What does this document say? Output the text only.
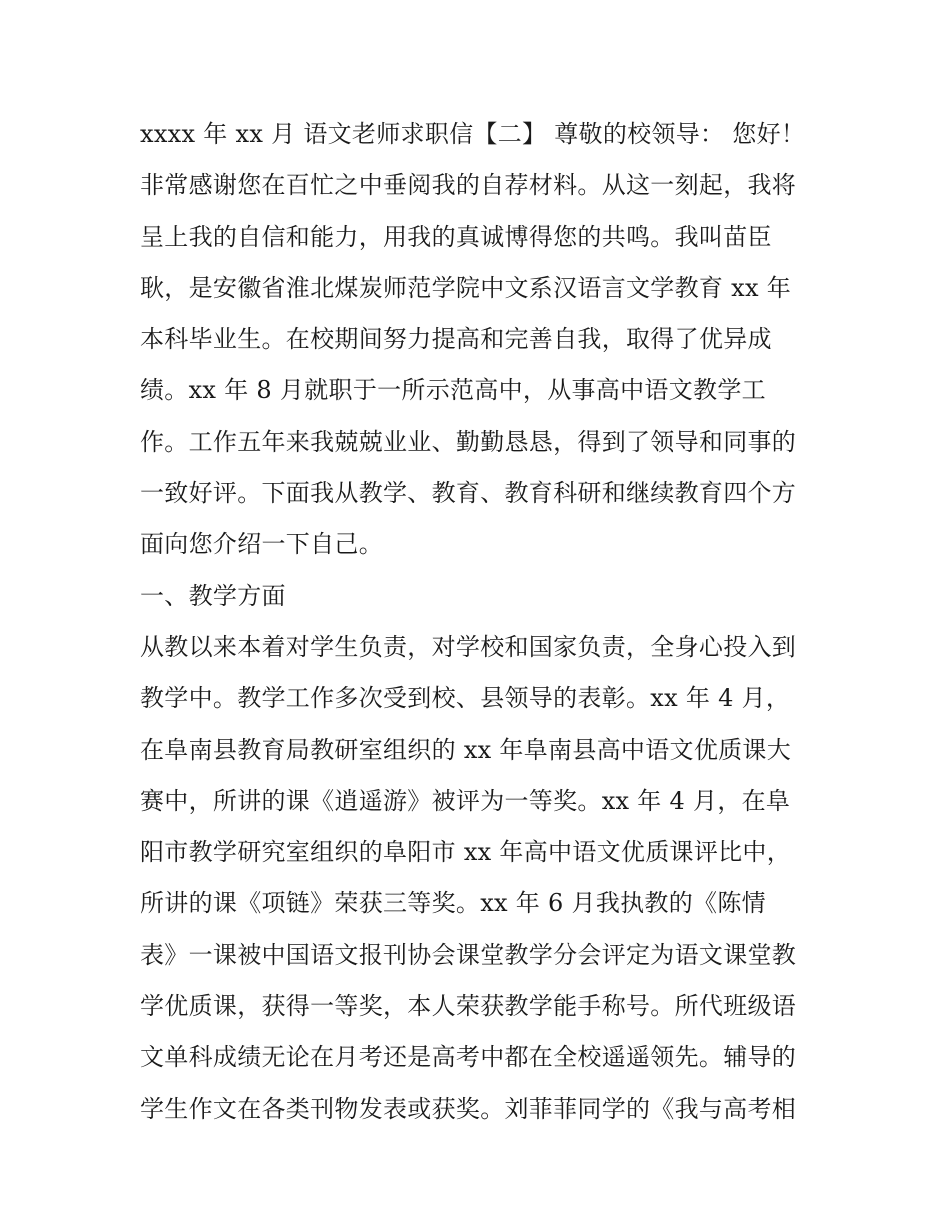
xxxx 年 xx 月 语文老师求职信【二】 尊敬的校领导： 您好！
非常感谢您在百忙之中垂阅我的自荐材料。从这一刻起，我将
呈上我的自信和能力，用我的真诚博得您的共鸣。我叫苗臣
耿，是安徽省淮北煤炭师范学院中文系汉语言文学教育 xx 年
本科毕业生。在校期间努力提高和完善自我，取得了优异成
绩。xx 年 8 月就职于一所示范高中，从事高中语文教学工
作。工作五年来我兢兢业业、勤勤恳恳，得到了领导和同事的
一致好评。下面我从教学、教育、教育科研和继续教育四个方
面向您介绍一下自己。
一、教学方面
从教以来本着对学生负责，对学校和国家负责，全身心投入到
教学中。教学工作多次受到校、县领导的表彰。xx 年 4 月，
在阜南县教育局教研室组织的 xx 年阜南县高中语文优质课大
赛中，所讲的课《逍遥游》被评为一等奖。xx 年 4 月，在阜
阳市教学研究室组织的阜阳市 xx 年高中语文优质课评比中，
所讲的课《项链》荣获三等奖。xx 年 6 月我执教的《陈情
表》一课被中国语文报刊协会课堂教学分会评定为语文课堂教
学优质课，获得一等奖，本人荣获教学能手称号。所代班级语
文单科成绩无论在月考还是高考中都在全校遥遥领先。辅导的
学生作文在各类刊物发表或获奖。刘菲菲同学的《我与高考相
